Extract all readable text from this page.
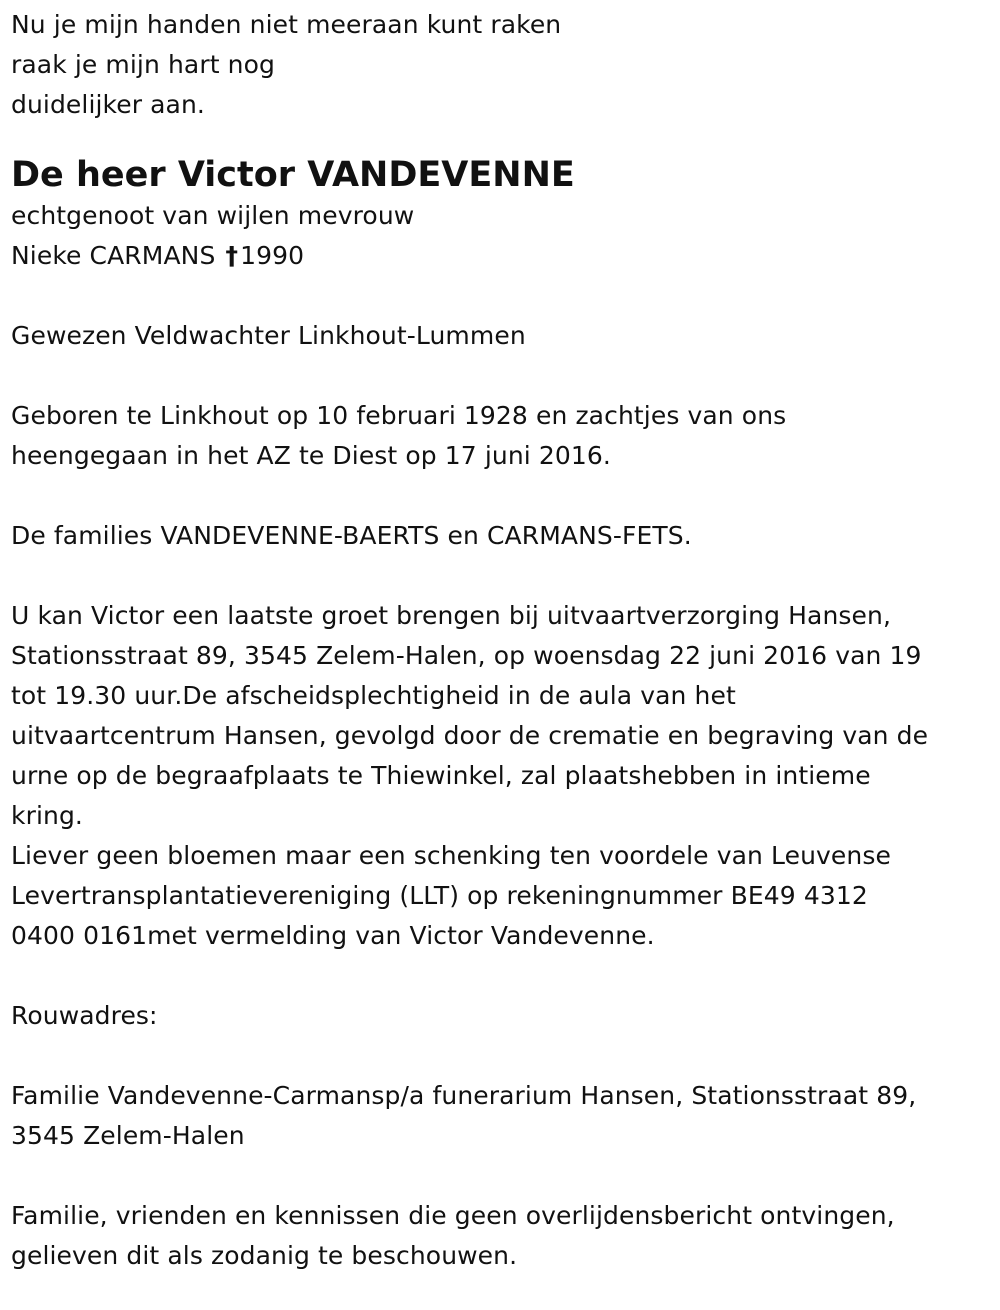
Nu je mijn handen niet meeraan kunt raken
raak je mijn hart nog
duidelijker aan.
De heer Victor VANDEVENNE
echtgenoot van wijlen mevrouw
Nieke CARMANS †1990
Gewezen Veldwachter Linkhout-Lummen
Geboren te Linkhout op 10 februari 1928 en zachtjes van ons
heengegaan in het AZ te Diest op 17 juni 2016.
De families VANDEVENNE-BAERTS en CARMANS-FETS.
U kan Victor een laatste groet brengen bij uitvaartverzorging Hansen,
Stationsstraat 89, 3545 Zelem-Halen, op woensdag 22 juni 2016 van 19
tot 19.30 uur.De afscheidsplechtigheid in de aula van het
uitvaartcentrum Hansen, gevolgd door de crematie en begraving van de
urne op de begraafplaats te Thiewinkel, zal plaatshebben in intieme
kring.
Liever geen bloemen maar een schenking ten voordele van Leuvense
Levertransplantatievereniging (LLT) op rekeningnummer BE49 4312
0400 0161met vermelding van Victor Vandevenne.
Rouwadres:
Familie Vandevenne-Carmansp/a funerarium Hansen, Stationsstraat 89,
3545 Zelem-Halen
Familie, vrienden en kennissen die geen overlijdensbericht ontvingen,
gelieven dit als zodanig te beschouwen.
